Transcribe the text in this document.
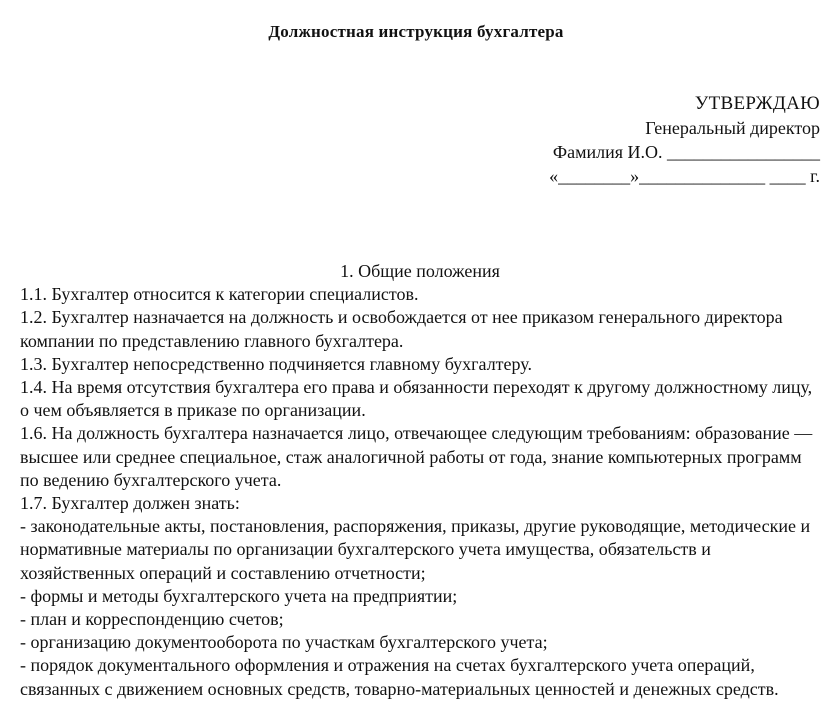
Должностная инструкция бухгалтера
УТВЕРЖДАЮ
Генеральный директор
Фамилия И.О. _________________
«________»______________ ____ г.
1. Общие положения

1.1. Бухгалтер относится к категории специалистов.

1.2. Бухгалтер назначается на должность и освобождается от нее приказом генерального директора компании по представлению главного бухгалтера.

1.3. Бухгалтер непосредственно подчиняется главному бухгалтеру.

1.4. На время отсутствия бухгалтера его права и обязанности переходят к другому должностному лицу, о чем объявляется в приказе по организации.

1.6. На должность бухгалтера назначается лицо, отвечающее следующим требованиям: образование — высшее или среднее специальное, стаж аналогичной работы от года, знание компьютерных программ по ведению бухгалтерского учета.

1.7. Бухгалтер должен знать:

- законодательные акты, постановления, распоряжения, приказы, другие руководящие, методические и нормативные материалы по организации бухгалтерского учета имущества, обязательств и хозяйственных операций и составлению отчетности;

- формы и методы бухгалтерского учета на предприятии;

- план и корреспонденцию счетов;

- организацию документооборота по участкам бухгалтерского учета;

- порядок документального оформления и отражения на счетах бухгалтерского учета операций, связанных с движением основных средств, товарно-материальных ценностей и денежных средств.
